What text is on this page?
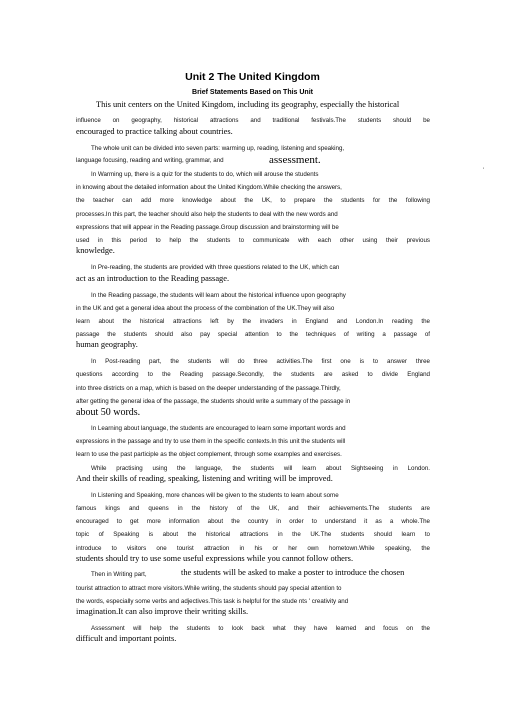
Unit 2 The United Kingdom
Brief Statements Based on This Unit
'
This unit centers on the United Kingdom, including its geography, especially the historical
influence on geography, historical attractions and traditional festivals.The students should be
encouraged to practice talking about countries.
The whole unit can be divided into seven parts: warming up, reading, listening and speaking,
language focusing, reading and writing, grammar, and	assessment.
In Warming up, there is a quiz for the students to do, which will arouse the students
in knowing about the detailed information about the United Kingdom.While checking the answers,
the teacher can add more knowledge about the UK, to prepare the students for the following
processes.In this part, the teacher should also help the students to deal with the new words and
expressions that will appear in the Reading passage.Group discussion and brainstorming will be
used in this period to help the students to communicate with each other using their previous
knowledge.
In Pre-reading, the students are provided with three questions related to the UK, which can
act as an introduction to the Reading passage.
In the Reading passage, the students will learn about the historical influence upon geography
in the UK and get a general idea about the process of the combination of the UK.They will also
learn about the historical attractions left by the invaders in England and London.In reading the
passage the students should also pay special attention to the techniques of writing a passage of
human geography.
In Post-reading part, the students will do three activities.The first one is to answer three
questions according to the Reading passage.Secondly, the students are asked to divide England
into three districts on a map, which is based on the deeper understanding of the passage.Thirdly,
after getting the general idea of the passage, the students should write a summary of the passage in
about 50 words.
In Learning about language, the students are encouraged to learn some important words and
expressions in the passage and try to use them in the specific contexts.In this unit the students will
learn to use the past participle as the object complement, through some examples and exercises.
While practising using the language, the students will learn about Sightseeing in London.
And their skills of reading, speaking, listening and writing will be improved.
In Listening and Speaking, more chances will be given to the students to learn about some
famous kings and queens in the history of the UK, and their achievements.The students are
encouraged to get more information about the country in order to understand it as a whole.The
topic of Speaking is about the historical attractions in the UK.The students should learn to
introduce to visitors one tourist attraction in his or her own hometown.While speaking, the
students should try to use some useful expressions while you cannot follow others.
Then in Writing part,	the students will be asked to make a poster to introduce the chosen
tourist attraction to attract more visitors.While writing, the students should pay special attention to
the words, especially some verbs and adjectives.This task is helpful for the stude nts ' creativity and
imagination.It can also improve their writing skills.
Assessment will help the students to look back what they have learned and focus on the
difficult and important points.
